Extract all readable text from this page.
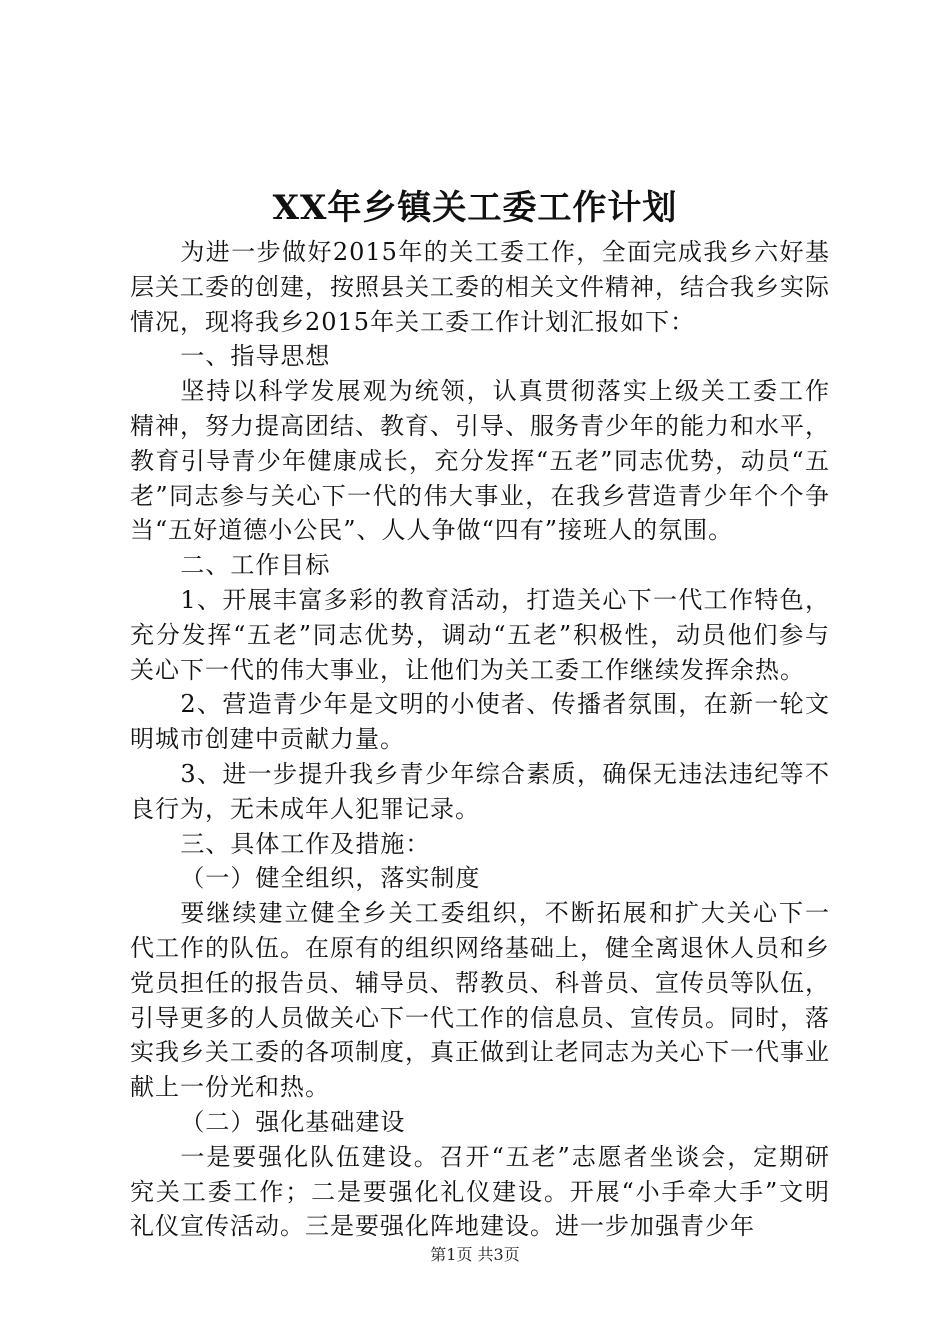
XX年乡镇关工委工作计划

为进一步做好2015年的关工委工作，全面完成我乡六好基层关工委的创建，按照县关工委的相关文件精神，结合我乡实际情况，现将我乡2015年关工委工作计划汇报如下：

一、指导思想

坚持以科学发展观为统领，认真贯彻落实上级关工委工作精神，努力提高团结、教育、引导、服务青少年的能力和水平，教育引导青少年健康成长，充分发挥“五老”同志优势，动员“五老”同志参与关心下一代的伟大事业，在我乡营造青少年个个争当“五好道德小公民”、人人争做“四有”接班人的氛围。

二、工作目标

1、开展丰富多彩的教育活动，打造关心下一代工作特色，充分发挥“五老”同志优势，调动“五老”积极性，动员他们参与关心下一代的伟大事业，让他们为关工委工作继续发挥余热。

2、营造青少年是文明的小使者、传播者氛围，在新一轮文明城市创建中贡献力量。

3、进一步提升我乡青少年综合素质，确保无违法违纪等不良行为，无未成年人犯罪记录。

三、具体工作及措施：

（一）健全组织，落实制度

要继续建立健全乡关工委组织，不断拓展和扩大关心下一代工作的队伍。在原有的组织网络基础上，健全离退休人员和乡党员担任的报告员、辅导员、帮教员、科普员、宣传员等队伍，引导更多的人员做关心下一代工作的信息员、宣传员。同时，落实我乡关工委的各项制度，真正做到让老同志为关心下一代事业献上一份光和热。

（二）强化基础建设

一是要强化队伍建设。召开“五老”志愿者坐谈会，定期研究关工委工作；二是要强化礼仪建设。开展“小手牵大手”文明礼仪宣传活动。三是要强化阵地建设。进一步加强青少年

第1页 共3页
